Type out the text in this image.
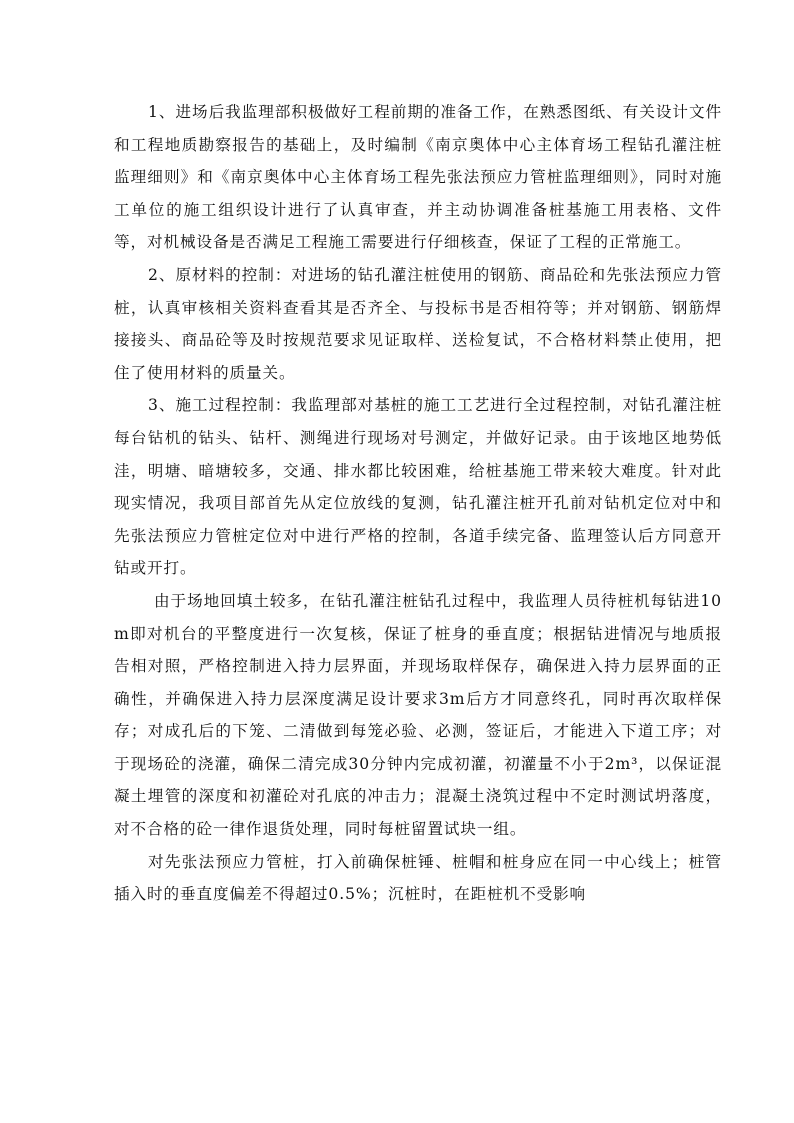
1、进场后我监理部积极做好工程前期的准备工作，在熟悉图纸、有关设计文件和工程地质勘察报告的基础上，及时编制《南京奥体中心主体育场工程钻孔灌注桩监理细则》和《南京奥体中心主体育场工程先张法预应力管桩监理细则》，同时对施工单位的施工组织设计进行了认真审查，并主动协调准备桩基施工用表格、文件等，对机械设备是否满足工程施工需要进行仔细核查，保证了工程的正常施工。

2、原材料的控制：对进场的钻孔灌注桩使用的钢筋、商品砼和先张法预应力管桩，认真审核相关资料查看其是否齐全、与投标书是否相符等；并对钢筋、钢筋焊接接头、商品砼等及时按规范要求见证取样、送检复试，不合格材料禁止使用，把住了使用材料的质量关。

3、施工过程控制：我监理部对基桩的施工工艺进行全过程控制，对钻孔灌注桩每台钻机的钻头、钻杆、测绳进行现场对号测定，并做好记录。由于该地区地势低洼，明塘、暗塘较多，交通、排水都比较困难，给桩基施工带来较大难度。针对此现实情况，我项目部首先从定位放线的复测，钻孔灌注桩开孔前对钻机定位对中和先张法预应力管桩定位对中进行严格的控制，各道手续完备、监理签认后方同意开钻或开打。

由于场地回填土较多，在钻孔灌注桩钻孔过程中，我监理人员待桩机每钻进10m即对机台的平整度进行一次复核，保证了桩身的垂直度；根据钻进情况与地质报告相对照，严格控制进入持力层界面，并现场取样保存，确保进入持力层界面的正确性，并确保进入持力层深度满足设计要求3m后方才同意终孔，同时再次取样保存；对成孔后的下笼、二清做到每笼必验、必测，签证后，才能进入下道工序；对于现场砼的浇灌，确保二清完成30分钟内完成初灌，初灌量不小于2m³，以保证混凝土埋管的深度和初灌砼对孔底的冲击力；混凝土浇筑过程中不定时测试坍落度，对不合格的砼一律作退货处理，同时每桩留置试块一组。

对先张法预应力管桩，打入前确保桩锤、桩帽和桩身应在同一中心线上；桩管插入时的垂直度偏差不得超过0.5%；沉桩时，在距桩机不受影响
